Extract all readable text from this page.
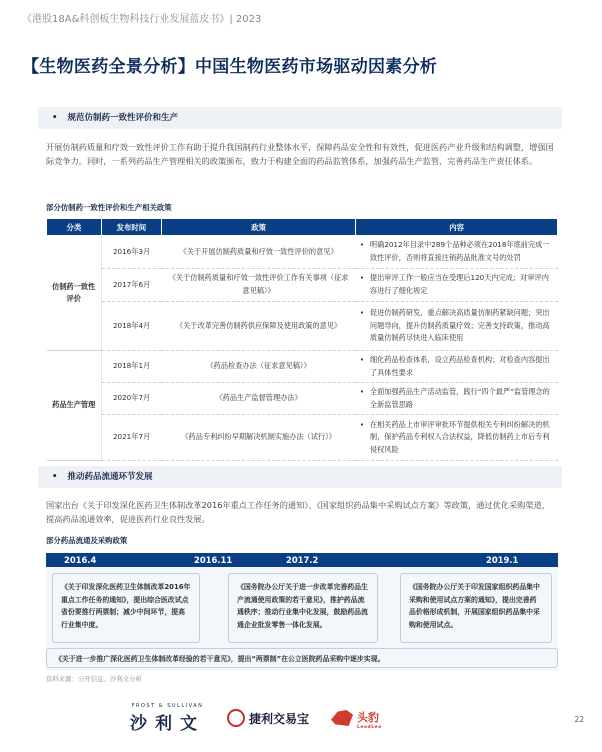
《港股18A&科创板生物科技行业发展蓝皮书》| 2023
【生物医药全景分析】中国生物医药市场驱动因素分析
• 规范仿制药一致性评价和生产
开展仿制药质量和疗效一致性评价工作有助于提升我国制药行业整体水平，保障药品安全性和有效性，促进医药产业升级和结构调整，增强国际竞争力。同时，一系列药品生产管理相关的政策颁布，致力于构建全面的药品监管体系，加强药品生产监管，完善药品生产责任体系。
部分仿制药一致性评价和生产相关政策
分类	发布时间	政策	内容
仿制药一致性评价	2016年3月	《关于开展仿制药质量和疗效一致性评价的意见》	• 明确2012年目录中289个品种必须在2018年底前完成一致性评价，否则将直接注销药品批准文号的处罚

	2017年6月	《关于仿制药质量和疗效一致性评价工作有关事项（征求意见稿）》	• 提出审评工作一般应当在受理后120天内完成；对审评内容进行了细化规定

	2018年4月	《关于改革完善仿制药供应保障及使用政策的意见》	• 促进仿制药研发，重点解决高质量仿制药紧缺问题；突出问题导向，提升仿制药质量疗效；完善支持政策，推动高质量仿制药尽快进入临床使用

药品生产管理	2018年1月	《药品检查办法（征求意见稿）》	• 细化药品检查体系，设立药品检查机构；对检查内容提出了具体性要求

	2020年7月	《药品生产监督管理办法》	• 全面加强药品生产活动监管，践行“四个最严”监管理念的全新监管思路

	2021年7月	《药品专利纠纷早期解决机制实施办法（试行）》	• 在相关药品上市审评审批环节提供相关专利纠纷解决的机制，保护药品专利权人合法权益，降低仿制药上市后专利侵权风险
• 推动药品流通环节发展
国家出台《关于印发深化医药卫生体制改革2016年重点工作任务的通知》、《国家组织药品集中采购试点方案》等政策，通过优化采购渠道，提高药品流通效率，促进医药行业良性发展。
部分药品流通及采购政策
2016.4	2016.11	2017.2	2019.1
《关于印发深化医药卫生体制改革2016年重点工作任务的通知》，提出综合医改试点省份要推行两票制；减少中间环节，提高行业集中度。
《国务院办公厅关于进一步改革完善药品生产流通使用政策的若干意见》，推护药品流通秩序；推动行业集中化发展，鼓励药品流通企业批发零售一体化发展。
《国务院办公厅关于印发国家组织药品集中采购和使用试点方案的通知》，提出完善药品价格形成机制，开展国家组织药品集中采购和使用试点。
《关于进一步推广深化医药卫生体制改革经验的若干意见》，提出“两票制”在公立医院药品采购中逐步实现。
资料来源：公开信息、沙利文分析
FROST & SULLIVAN
沙利文	捷利交易宝	头豹
LeadLeo
22
